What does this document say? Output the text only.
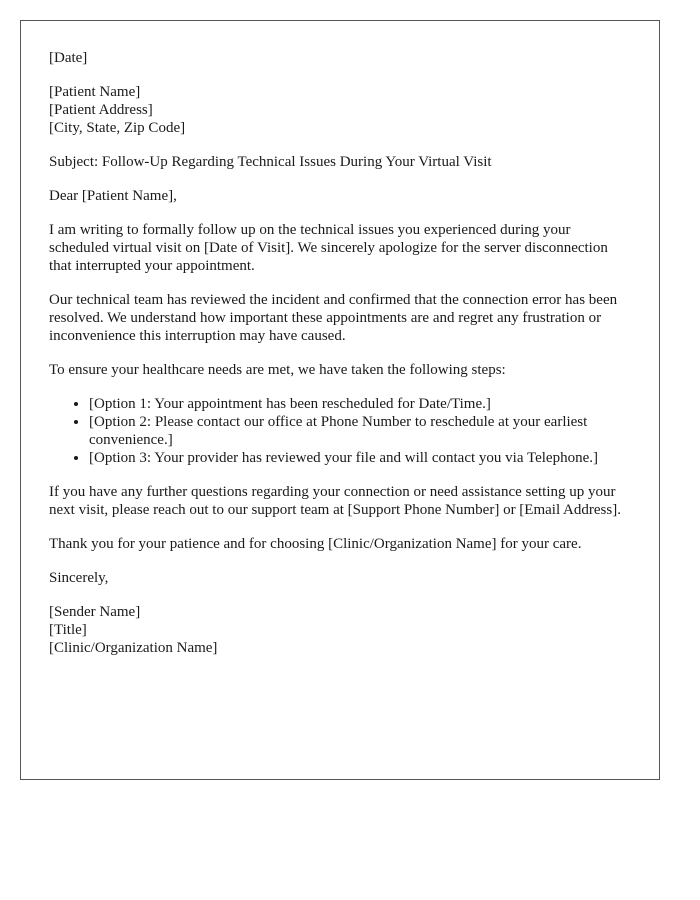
[Date]

[Patient Name]
[Patient Address]
[City, State, Zip Code]

Subject: Follow-Up Regarding Technical Issues During Your Virtual Visit

Dear [Patient Name],

I am writing to formally follow up on the technical issues you experienced during your scheduled virtual visit on [Date of Visit]. We sincerely apologize for the server disconnection that interrupted your appointment.

Our technical team has reviewed the incident and confirmed that the connection error has been resolved. We understand how important these appointments are and regret any frustration or inconvenience this interruption may have caused.

To ensure your healthcare needs are met, we have taken the following steps:

• [Option 1: Your appointment has been rescheduled for Date/Time.]
• [Option 2: Please contact our office at Phone Number to reschedule at your earliest convenience.]
• [Option 3: Your provider has reviewed your file and will contact you via Telephone.]

If you have any further questions regarding your connection or need assistance setting up your next visit, please reach out to our support team at [Support Phone Number] or [Email Address].

Thank you for your patience and for choosing [Clinic/Organization Name] for your care.

Sincerely,

[Sender Name]
[Title]
[Clinic/Organization Name]
